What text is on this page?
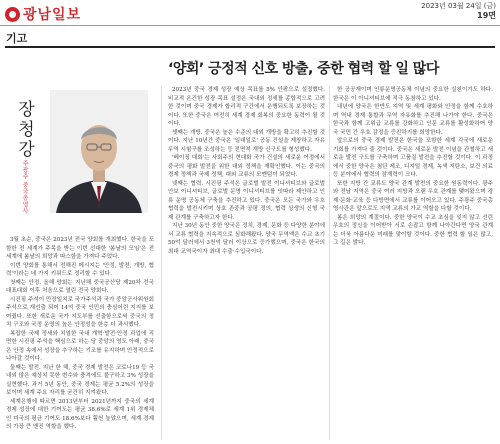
광남일보
2023년 03월 24일 (금)
19면
기고
‘양회’ 긍정적 신호 방출, 중한 협력 할 일 많다
장청강
주광주 중국총영사

3월 초순, 중국은 2023년 전국 양회를 개최했다. 한국을 포함한 전 세계가 주목을 받는 이번 선대한 '봄날의 모임'은 전 세계에 봄날의 희망과 따스함을 가져다 주었다.

이번 양회를 통해서 전해진 메시지는 '안정, 발전, 개방, 협력'이라는 네 가지 키워드로 정리할 수 있다.

첫째는 안정. 올해 양회는 지난해 중국공산당 제20차 전국 대표대회 이후 처음으로 열린 전국 양회다.

시진핑 주석이 만장일치로 국가주석과 국가 중앙군사위원회 주석으로 재선출 되어 14억 중국 인민의 충심어린 지지를 보여줬다. 또한 새로운 국가 지도부를 선출함으로써 중국의 정치 구조와 국정 운영의 높은 안정성을 한층 더 과시했다.

복잡한 국제 정세와 치열한 국내 개혁·발전·안정 과업에 직면한 시진핑 주석을 핵심으로 하는 당 중앙의 영도 아래, 중국은 안정 속에서 성장을 추구하는 기조를 유지하며 안정적으로 나아갈 것이다.

둘째는 발전. 지난 한 해, 중국 경제 발전은 코로나19 등 국내외 많은 예상치 못한 변수와 충격에도 불구하고 3% 성장을 실현했다. 과거 5년 동안, 중국 경제는 평균 5.2%의 성장을 보이며 세계 주요 자리를 굳건히 지켜왔다.

세계은행에 따르면 2013년부터 2021년까지 중국의 세계 경제 성장에 대한 기여도는 평균 38.6%로 세계 1위 경제체인 미국의 평균 기여도 18.6%보다 훨씬 높았으며, 세계 경제의 가장 큰 엔진 역할을 했다.

2023년 중국 경제 성장 예상 목표를 5% 안팎으로 설정했다. 비교적 온건한 성장 목표 설정은 국내외 정세를 종합적으로 고려한 것이며 중국 경제가 합리적 구간에서 운행되도록 보장하는 것이다. 또한 중국은 여전히 세계 경제 회복의 중요한 동력이 될 것이다.

셋째는 개방. 중국은 높은 수준의 대외 개방을 확고히 추진할 것이다. 지난 10년간 중국은 '일대일로' 공동 건설을 제창하고 자유무역 시험구를 조성하는 등 전면적 개방 신구도를 형성했다.

'베이징 대회'는 사회주의 현대화 국가 건설의 새로운 여정에서 중국의 평화 발전을 위한 대외 정책을 재확인했다. 이는 중국의 경제 정책과 국제 정책, 대외 교류의 모멘텀이 되었다.

넷째는 협력. 시진핑 주석은 글로벌 발전 이니셔티브와 글로벌 안보 이니셔티브, 글로벌 문명 이니셔티브를 잇따라 제안하고 인류 운명 공동체 구축을 추진하고 있다. 중국은 모든 국가와 우호 협력을 발전시키며 상호 존중과 공평 정의, 협력 상생의 신형 국제 관계를 구축하고자 한다.

지난 30년 동안 중한 양국은 정치, 경제, 문화 등 다양한 분야에서 교류 협력을 지속적으로 심화해왔다. 양국 무역액은 수교 초기 50억 달러에서 3천억 달러 이상으로 증가했으며, 중국은 한국의 최대 교역국이자 최대 수출·수입국이다.

한 공공재이며 인류운명공동체 이념의 중요한 실천이기도 하다. 한국은 이 이니셔티브에 적극 동참하고 있다.

내년에 양국은 한반도 지역 및 세계 평화와 안정을 함께 수호하며 역내 경제 통합과 무역 자유화를 추진해 나가야 한다. 중국은 한국과 함께 고위급 교류를 강화하고 인문 교류를 활성화하여 양국 국민 간 우호 감정을 증진하기를 희망한다.

앞으로의 중국 경제 발전은 한국을 포함한 세계 각국에 새로운 기회를 가져다 줄 것이다. 중국은 새로운 발전 이념을 관철하고 새로운 발전 구도를 구축하며 고품질 발전을 추진할 것이다. 이 과정에서 중한 양국은 첨단 제조, 디지털 경제, 녹색 저탄소, 보건 의료 등 분야에서 협력의 잠재력이 크다.

또한 지방 간 교류도 양국 관계 발전의 중요한 원동력이다. 광주와 전남 지역은 중국 여러 지방과 오랜 우호 관계를 맺어왔으며 경제·문화·교육 등 다방면에서 교류를 이어오고 있다. 주광주 중국총영사관은 앞으로도 지역 교류의 가교 역할을 다할 것이다.

봄은 희망의 계절이다. 중한 양국이 수교 초심을 잊지 않고 선린우호의 정신을 이어받아 서로 손잡고 함께 나아간다면 양국 관계는 더욱 아름다운 미래를 맞이할 것이다. 중한 협력 할 일은 많고, 그 길은 밝다.
